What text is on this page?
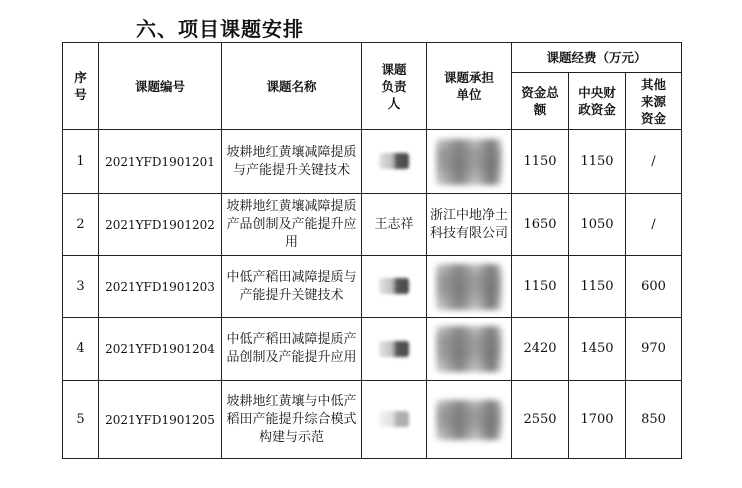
六、项目课题安排
序号	课题编号	课题名称	课题负责人	课题承担单位	课题经费（万元）		

					资金总额	中央财政资金	其他来源资金

1	2021YFD1901201	坡耕地红黄壤减障提质与产能提升关键技术			1150	1150	/
2	2021YFD1901202	坡耕地红黄壤减障提质产品创制及产能提升应用	王志祥	浙江中地净土科技有限公司	1650	1050	/
3	2021YFD1901203	中低产稻田减障提质与产能提升关键技术			1150	1150	600
4	2021YFD1901204	中低产稻田减障提质产品创制及产能提升应用			2420	1450	970
5	2021YFD1901205	坡耕地红黄壤与中低产稻田产能提升综合模式构建与示范			2550	1700	850
